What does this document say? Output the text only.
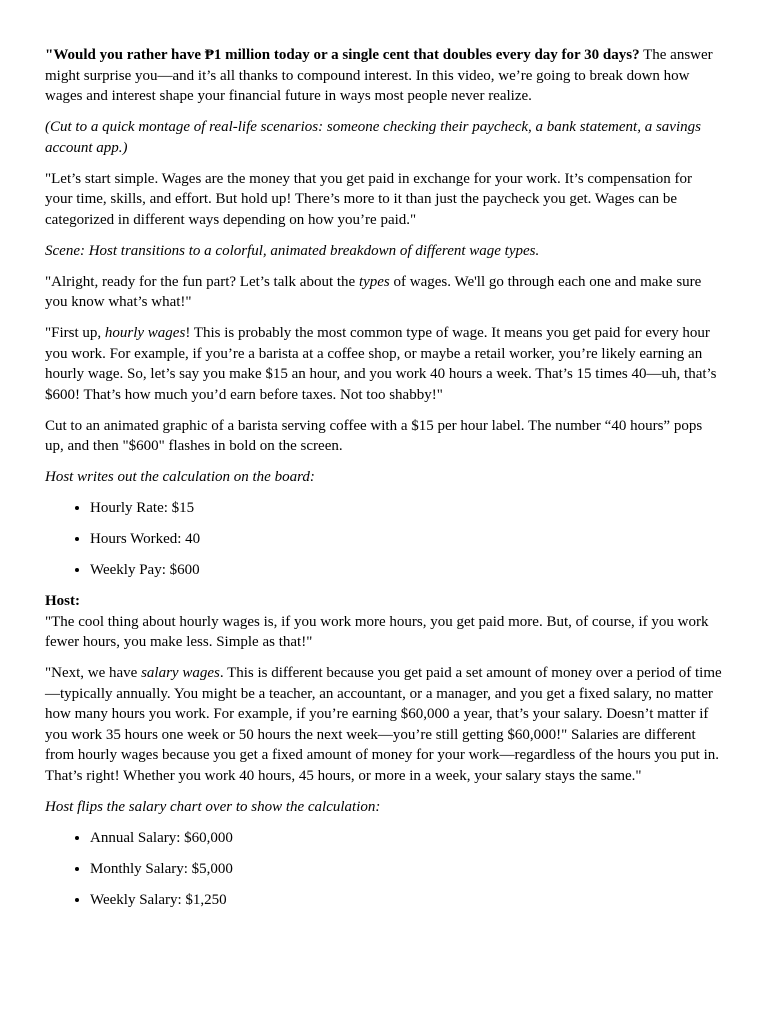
"Would you rather have ₱1 million today or a single cent that doubles every day for 30 days? The answer might surprise you—and it’s all thanks to compound interest. In this video, we’re going to break down how wages and interest shape your financial future in ways most people never realize.

(Cut to a quick montage of real-life scenarios: someone checking their paycheck, a bank statement, a savings account app.)

"Let’s start simple. Wages are the money that you get paid in exchange for your work. It’s compensation for your time, skills, and effort. But hold up! There’s more to it than just the paycheck you get. Wages can be categorized in different ways depending on how you’re paid."

Scene: Host transitions to a colorful, animated breakdown of different wage types.

"Alright, ready for the fun part? Let’s talk about the types of wages. We'll go through each one and make sure you know what’s what!"

"First up, hourly wages! This is probably the most common type of wage. It means you get paid for every hour you work. For example, if you’re a barista at a coffee shop, or maybe a retail worker, you’re likely earning an hourly wage. So, let’s say you make $15 an hour, and you work 40 hours a week. That’s 15 times 40—uh, that’s $600! That’s how much you’d earn before taxes. Not too shabby!"

Cut to an animated graphic of a barista serving coffee with a $15 per hour label. The number “40 hours” pops up, and then "$600" flashes in bold on the screen.

Host writes out the calculation on the board:

• Hourly Rate: $15
• Hours Worked: 40
• Weekly Pay: $600

Host:

"The cool thing about hourly wages is, if you work more hours, you get paid more. But, of course, if you work fewer hours, you make less. Simple as that!"

"Next, we have salary wages. This is different because you get paid a set amount of money over a period of time—typically annually. You might be a teacher, an accountant, or a manager, and you get a fixed salary, no matter how many hours you work. For example, if you’re earning $60,000 a year, that’s your salary. Doesn’t matter if you work 35 hours one week or 50 hours the next week—you’re still getting $60,000!" Salaries are different from hourly wages because you get a fixed amount of money for your work—regardless of the hours you put in. That’s right! Whether you work 40 hours, 45 hours, or more in a week, your salary stays the same."

Host flips the salary chart over to show the calculation:

• Annual Salary: $60,000
• Monthly Salary: $5,000
• Weekly Salary: $1,250
